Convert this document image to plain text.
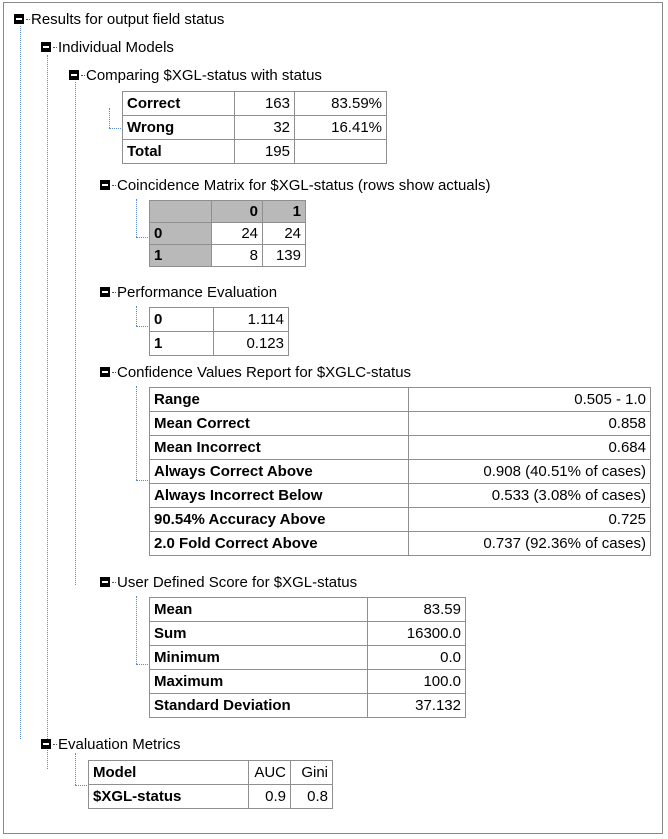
Results for output field status
Individual Models
Comparing $XGL-status with status
Coincidence Matrix for $XGL-status (rows show actuals)
Performance Evaluation
Confidence Values Report for $XGLC-status
User Defined Score for $XGL-status
Evaluation Metrics
Correct	163	83.59%
Wrong	32	16.41%
Total	195	
	0	1
0	24	24
1	8	139
0	1.114
1	0.123
Range	0.505 - 1.0
Mean Correct	0.858
Mean Incorrect	0.684
Always Correct Above	0.908 (40.51% of cases)
Always Incorrect Below	0.533 (3.08% of cases)
90.54% Accuracy Above	0.725
2.0 Fold Correct Above	0.737 (92.36% of cases)
Mean	83.59
Sum	16300.0
Minimum	0.0
Maximum	100.0
Standard Deviation	37.132
Model	AUC	Gini
$XGL-status	0.9	0.8
